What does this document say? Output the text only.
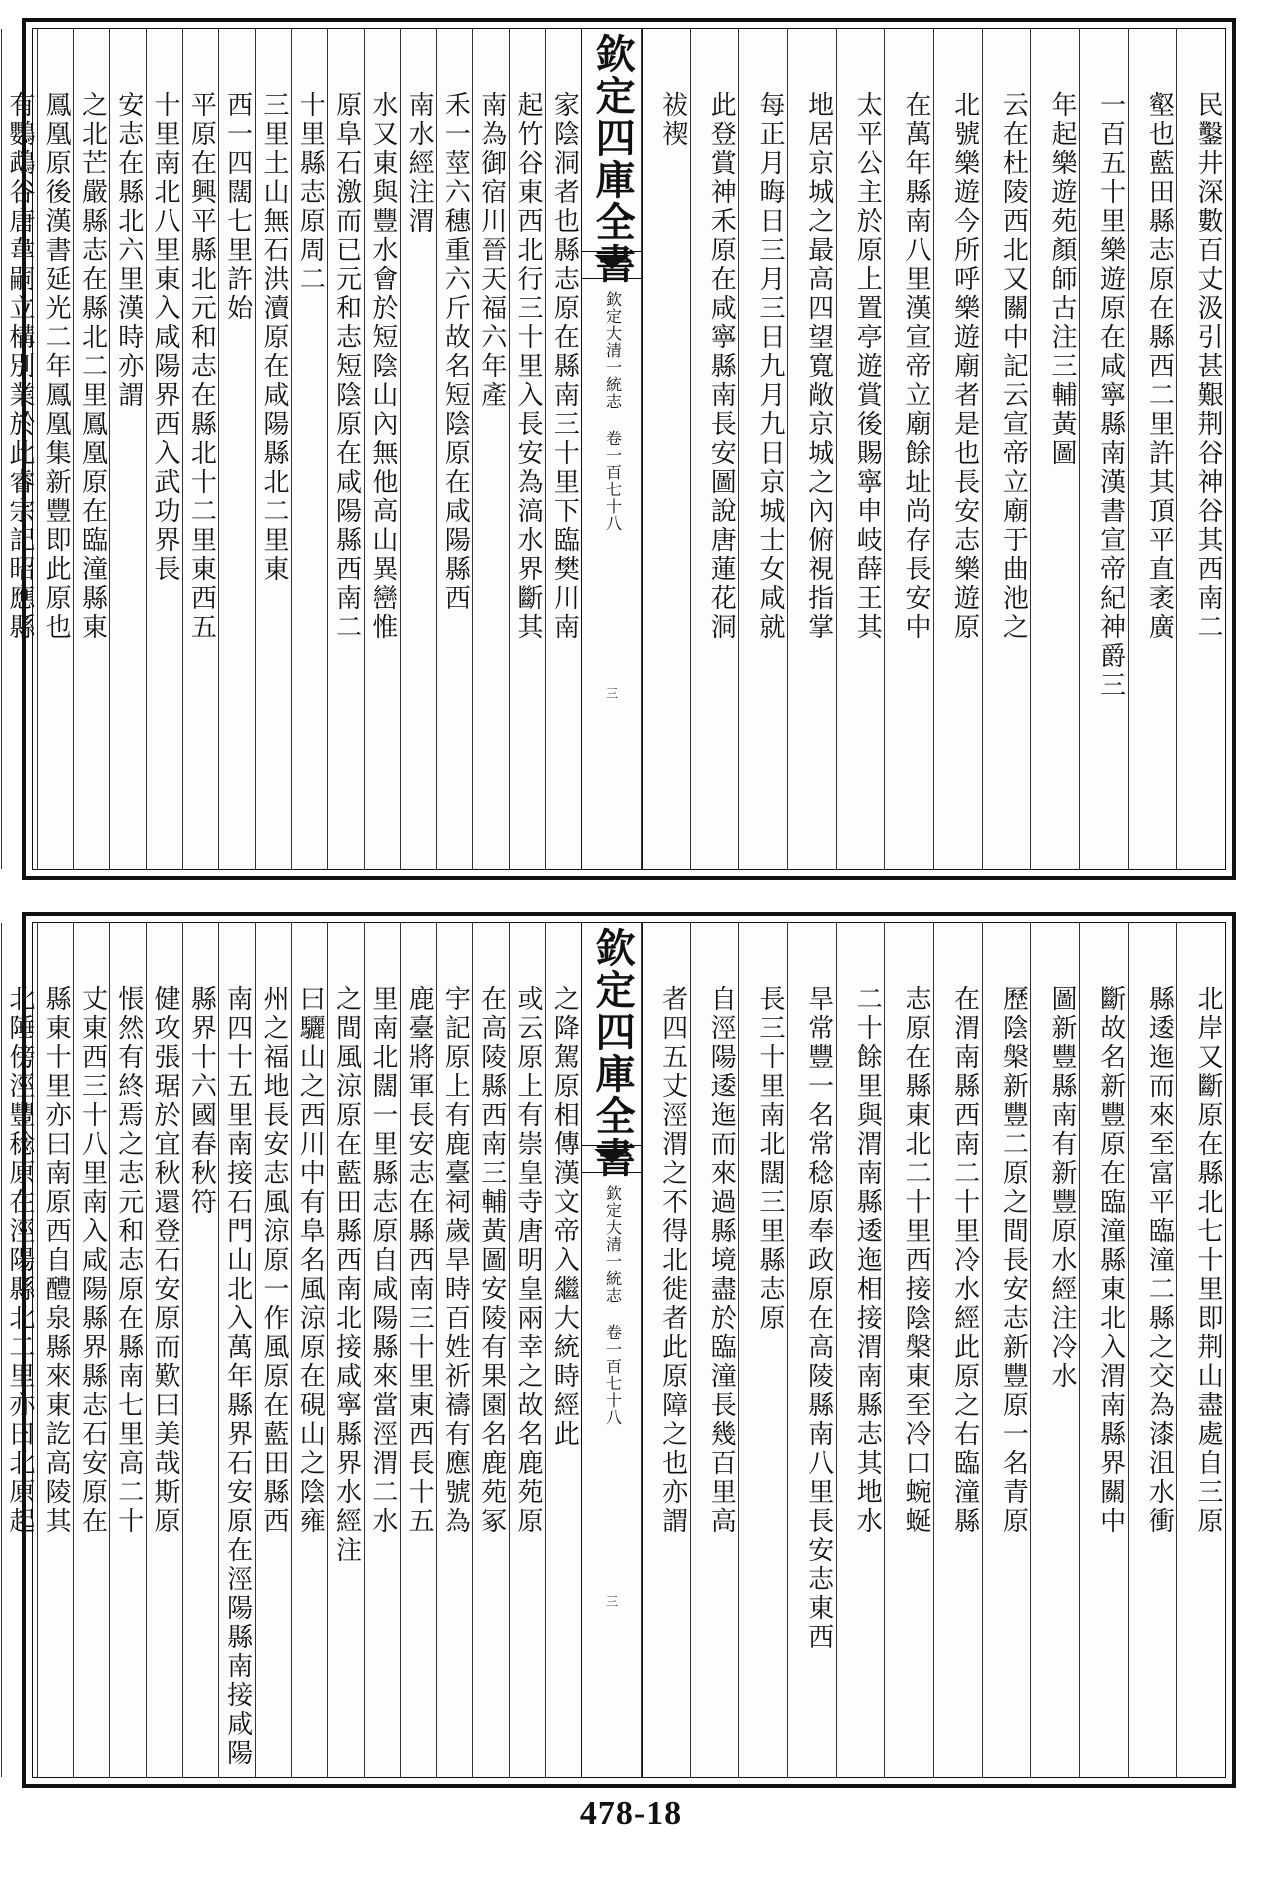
民鑿井深數百丈汲引甚艱荆谷神谷其西南二
壑也藍田縣志原在縣西二里許其頂平直袤廣
一百五十里樂遊原在咸寧縣南漢書宣帝紀神爵三
年起樂遊苑顏師古注三輔黃圖
云在杜陵西北又關中記云宣帝立廟于曲池之
北號樂遊今所呼樂遊廟者是也長安志樂遊原
在萬年縣南八里漢宣帝立廟餘址尚存長安中
太平公主於原上置亭遊賞後賜寧申岐薛王其
地居京城之最高四望寬敞京城之內俯視指掌
每正月晦日三月三日九月九日京城士女咸就
此登賞神禾原在咸寧縣南長安圖說唐蓮花洞
祓禊
欽定四庫全書
欽定大清一統志 卷一百七十八
三
家陰洞者也縣志原在縣南三十里下臨樊川南
起竹谷東西北行三十里入長安為滈水界斷其
南為御宿川晉天福六年產
禾一莖六穗重六斤故名短陰原在咸陽縣西
南水經注渭
水又東與豐水會於短陰山內無他高山異巒惟
原阜石激而已元和志短陰原在咸陽縣西南二
十里縣志原周二
三里土山無石洪瀆原在咸陽縣北二里東
西一四闊七里許始
平原在興平縣北元和志在縣北十二里東西五
十里南北八里東入咸陽界西入武功界長
安志在縣北六里漢時亦謂
之北芒嚴縣志在縣北二里鳳凰原在臨潼縣東
鳳凰原後漢書延光二年鳳凰集新豐即此原也
有鸚鵡谷唐韋嗣立構別業於此睿宗記昭應縣
北岸又斷原在縣北七十里即荆山盡處自三原
縣逶迤而來至富平臨潼二縣之交為漆沮水衝
斷故名新豐原在臨潼縣東北入渭南縣界關中
圖新豐縣南有新豐原水經注冷水
歷陰槃新豐二原之間長安志新豐原一名青原
在渭南縣西南二十里冷水經此原之右臨潼縣
志原在縣東北二十里西接陰槃東至冷口蜿蜒
二十餘里與渭南縣逶迤相接渭南縣志其地水
旱常豐一名常稔原奉政原在高陵縣南八里長安志東西
長三十里南北闊三里縣志原
自涇陽逶迤而來過縣境盡於臨潼長幾百里高
者四五丈涇渭之不得北徙者此原障之也亦謂
欽定四庫全書
欽定大清一統志 卷一百七十八
三
之降駕原相傳漢文帝入繼大統時經此
或云原上有崇皇寺唐明皇兩幸之故名鹿苑原
在高陵縣西南三輔黃圖安陵有果園名鹿苑冢
宇記原上有鹿臺祠歲旱時百姓祈禱有應號為
鹿臺將軍長安志在縣西南三十里東西長十五
里南北闊一里縣志原自咸陽縣來當涇渭二水
之間風涼原在藍田縣西南北接咸寧縣界水經注
曰驪山之西川中有阜名風涼原在硯山之陰雍
州之福地長安志風涼原一作風原在藍田縣西
南四十五里南接石門山北入萬年縣界石安原在涇陽縣南接咸陽
縣界十六國春秋符
健攻張琚於宜秋還登石安原而歎曰美哉斯原
悵然有終焉之志元和志原在縣南七里高二十
丈東西三十八里南入咸陽縣界縣志石安原在
縣東十里亦曰南原西自醴泉縣來東訖高陵其
北陲傍涇豐稔原在涇陽縣北二里亦曰北原起
478-18
